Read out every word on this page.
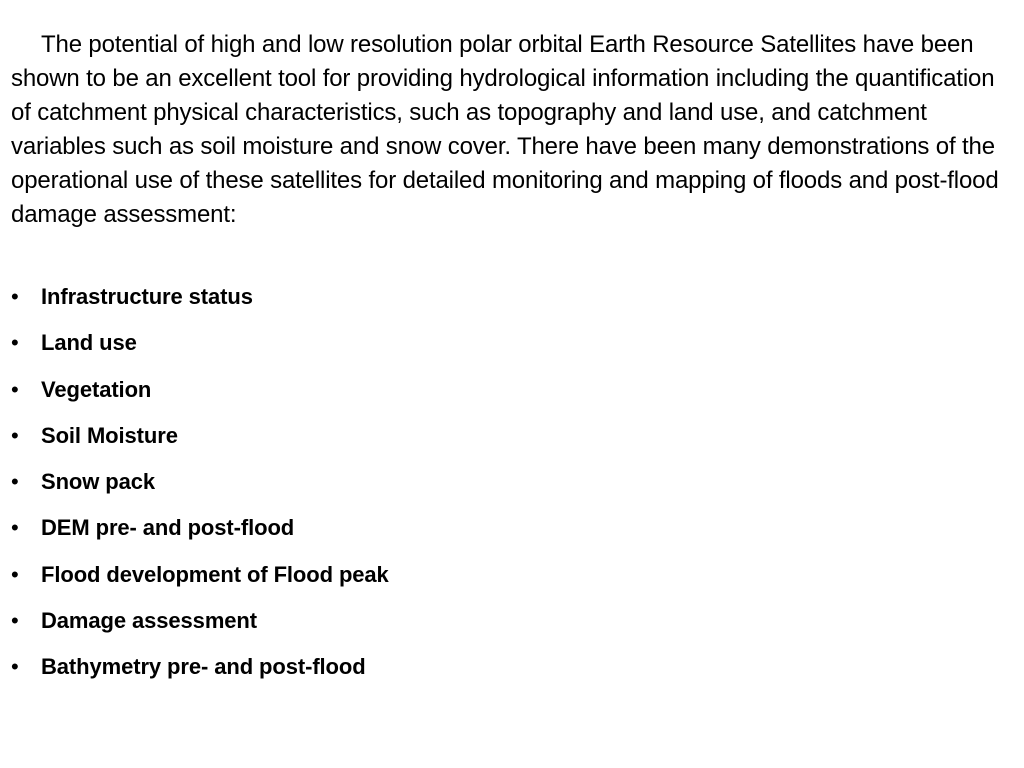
The potential of high and low resolution polar orbital Earth Resource Satellites have been shown to be an excellent tool for providing hydrological information including the quantification of catchment physical characteristics, such as topography and land use, and catchment variables such as soil moisture and snow cover. There have been many demonstrations of the operational use of these satellites for detailed monitoring and mapping of floods and post-flood damage assessment:

•	Infrastructure status
•	Land use
•	Vegetation
•	Soil Moisture
•	Snow pack
•	DEM pre- and post-flood
•	Flood development of Flood peak
•	Damage assessment
•	Bathymetry pre- and post-flood
